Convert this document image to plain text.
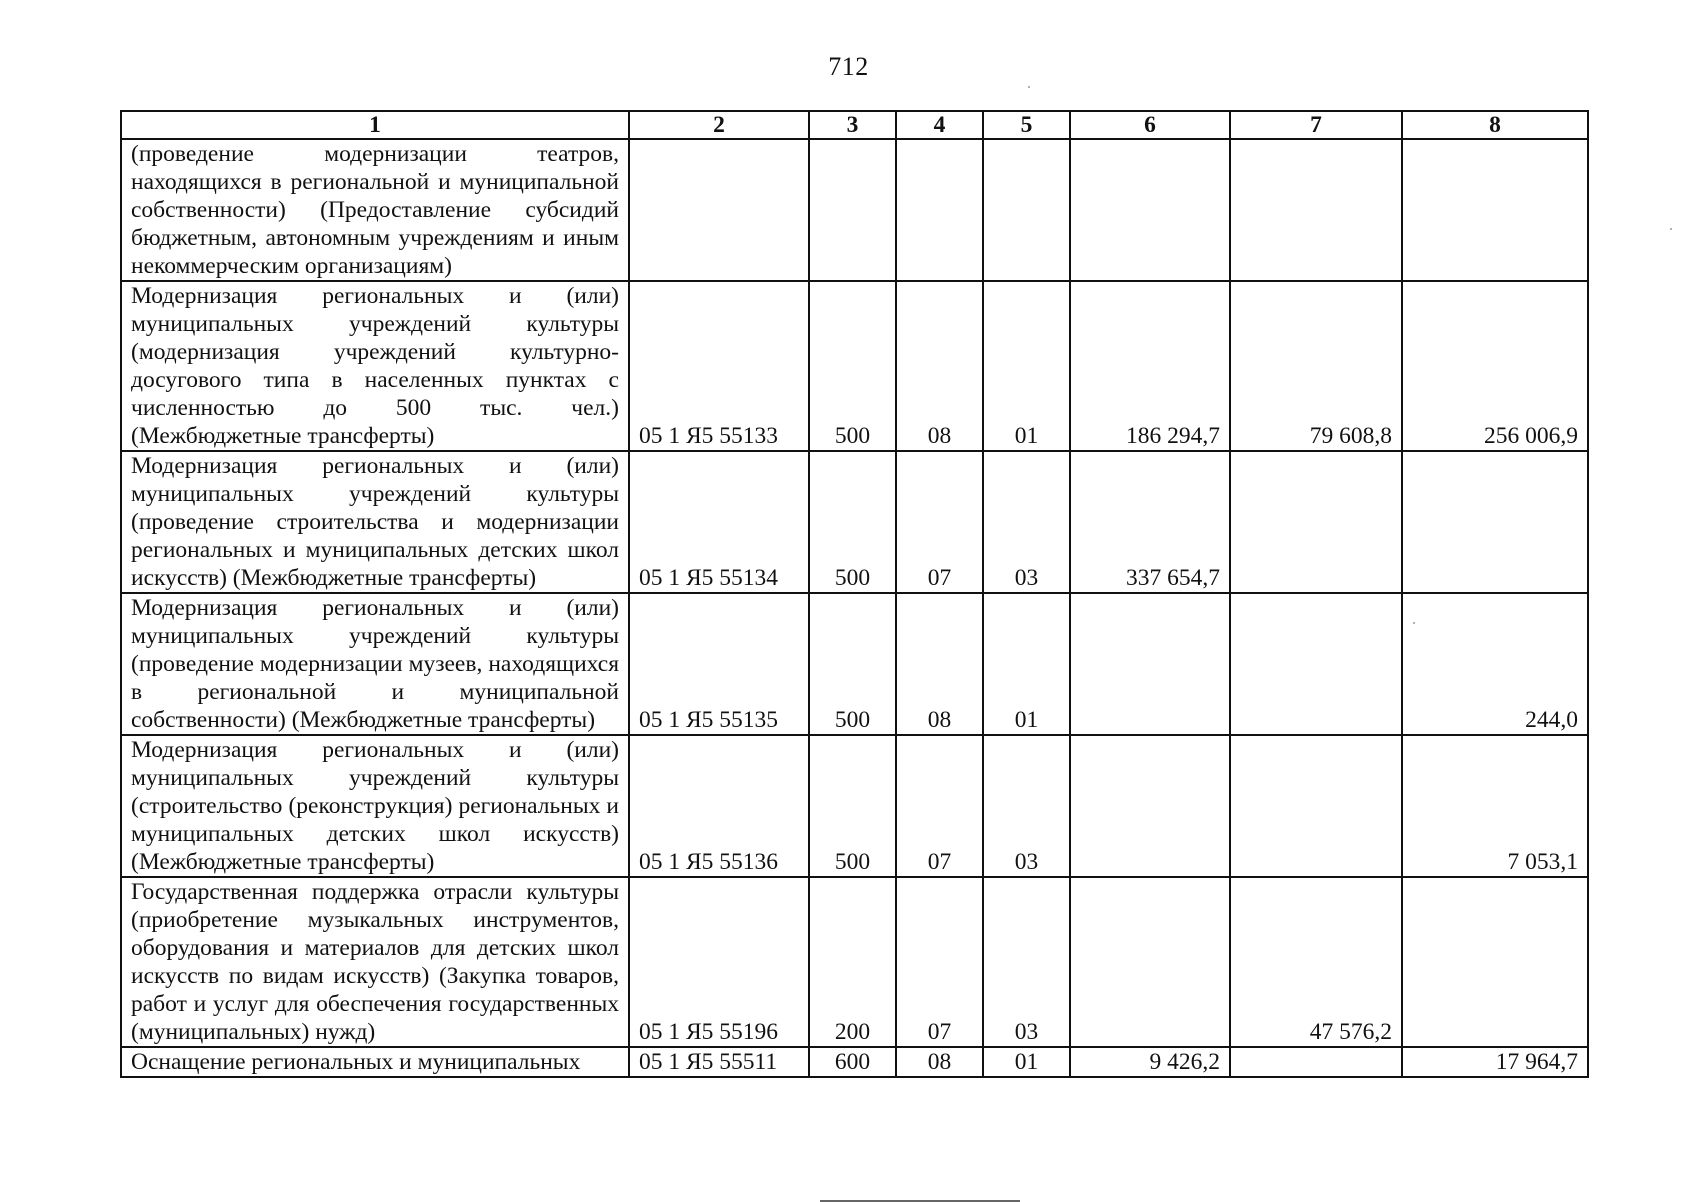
712
1	2	3	4	5	6	7	8
(проведение модернизации театров, находящихся в региональной и муниципальной собственности) (Предоставление субсидий бюджетным, автономным учреждениям и иным некоммерческим организациям)							
Модернизация региональных и (или) муниципальных учреждений культуры (модернизация учреждений культурно- досугового типа в населенных пунктах с численностью до 500 тыс. чел.) (Межбюджетные трансферты)	05 1 Я5 55133	500	08	01	186 294,7	79 608,8	256 006,9
Модернизация региональных и (или) муниципальных учреждений культуры (проведение строительства и модернизации региональных и муниципальных детских школ искусств) (Межбюджетные трансферты)	05 1 Я5 55134	500	07	03	337 654,7		
Модернизация региональных и (или) муниципальных учреждений культуры (проведение модернизации музеев, находящихся в региональной и муниципальной собственности) (Межбюджетные трансферты)	05 1 Я5 55135	500	08	01			244,0
Модернизация региональных и (или) муниципальных учреждений культуры (строительство (реконструкция) региональных и муниципальных детских школ искусств) (Межбюджетные трансферты)	05 1 Я5 55136	500	07	03			7 053,1
Государственная поддержка отрасли культуры (приобретение музыкальных инструментов, оборудования и материалов для детских школ искусств по видам искусств) (Закупка товаров, работ и услуг для обеспечения государственных (муниципальных) нужд)	05 1 Я5 55196	200	07	03		47 576,2	
Оснащение региональных и муниципальных	05 1 Я5 55511	600	08	01	9 426,2		17 964,7
